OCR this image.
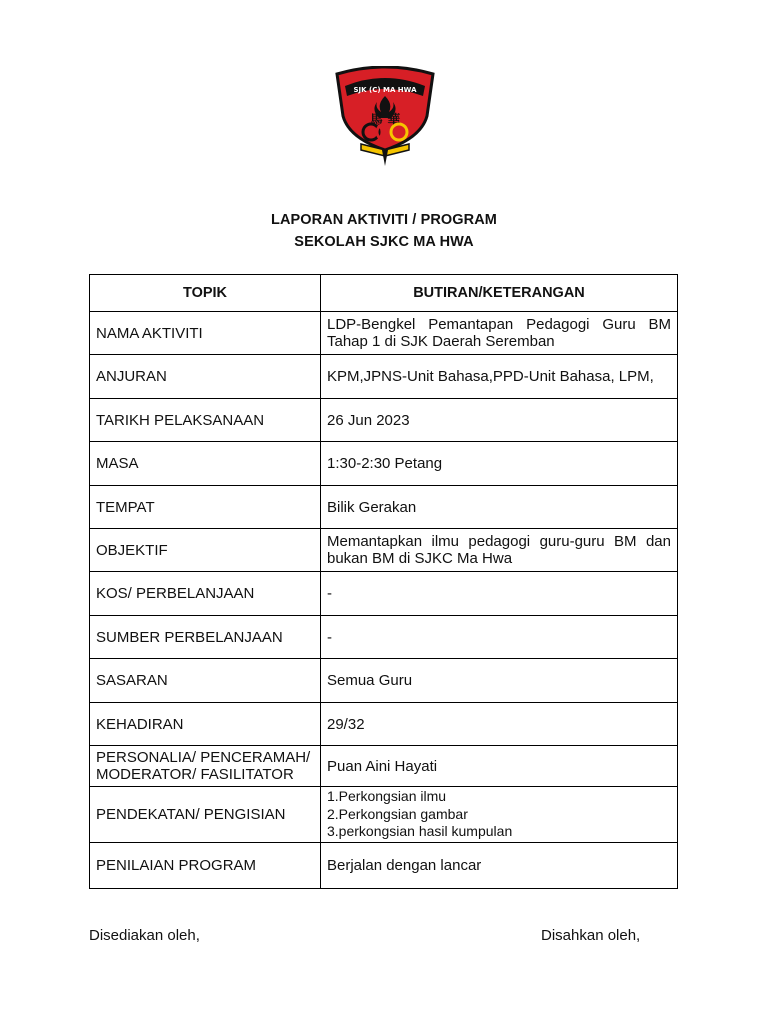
SJK (C) MA HWA
馬 華
LAPORAN AKTIVITI / PROGRAM
SEKOLAH SJKC MA HWA
TOPIK	BUTIRAN/KETERANGAN
NAMA AKTIVITI	LDP-Bengkel Pemantapan Pedagogi Guru BM Tahap 1 di SJK Daerah Seremban
ANJURAN	KPM,JPNS-Unit Bahasa,PPD-Unit Bahasa, LPM,
TARIKH PELAKSANAAN	26 Jun 2023
MASA	1:30-2:30 Petang
TEMPAT	Bilik Gerakan
OBJEKTIF	Memantapkan ilmu pedagogi guru-guru BM dan bukan BM di SJKC Ma Hwa
KOS/ PERBELANJAAN	-
SUMBER PERBELANJAAN	-
SASARAN	Semua Guru
KEHADIRAN	29/32
PERSONALIA/ PENCERAMAH/ MODERATOR/ FASILITATOR	Puan Aini Hayati
PENDEKATAN/ PENGISIAN	1.Perkongsian ilmu
2.Perkongsian gambar
3.perkongsian hasil kumpulan

PENILAIAN PROGRAM	Berjalan dengan lancar
Disediakan oleh,	Disahkan oleh,
